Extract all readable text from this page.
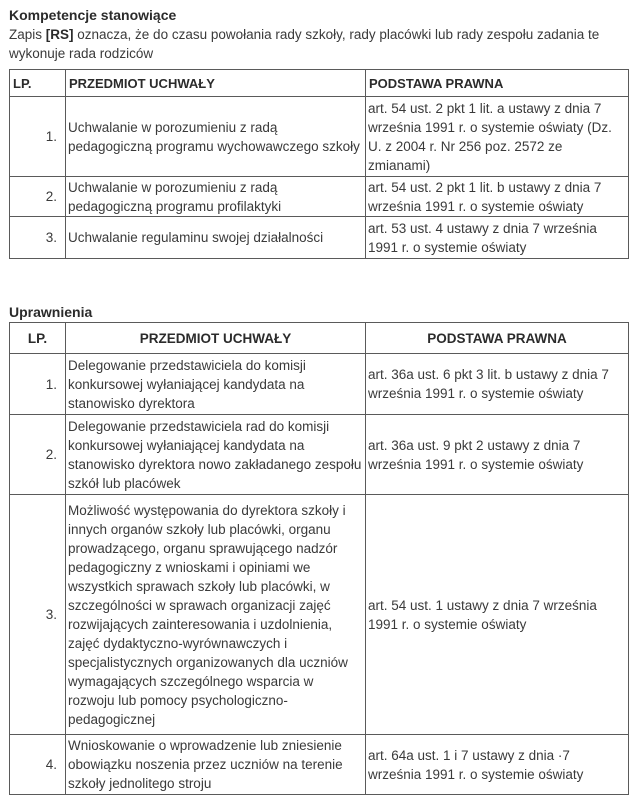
Kompetencje stanowiące

Zapis [RS] oznacza, że do czasu powołania rady szkoły, rady placówki lub rady zespołu zadania te wykonuje rada rodziców

LP.	PRZEDMIOT UCHWAŁY	PODSTAWA PRAWNA
1.	Uchwalanie w porozumieniu z radą pedagogiczną programu wychowawczego szkoły	art. 54 ust. 2 pkt 1 lit. a ustawy z dnia 7 września 1991 r. o systemie oświaty (Dz. U. z 2004 r. Nr 256 poz. 2572 ze zmianami)
2.	Uchwalanie w porozumieniu z radą pedagogiczną programu profilaktyki	art. 54 ust. 2 pkt 1 lit. b ustawy z dnia 7 września 1991 r. o systemie oświaty
3.	Uchwalanie regulaminu swojej działalności	art. 53 ust. 4 ustawy z dnia 7 września 1991 r. o systemie oświaty

Uprawnienia

LP.	PRZEDMIOT UCHWAŁY	PODSTAWA PRAWNA
1.	Delegowanie przedstawiciela do komisji konkursowej wyłaniającej kandydata na stanowisko dyrektora	art. 36a ust. 6 pkt 3 lit. b ustawy z dnia 7 września 1991 r. o systemie oświaty
2.	Delegowanie przedstawiciela rad do komisji konkursowej wyłaniającej kandydata na stanowisko dyrektora nowo zakładanego zespołu szkół lub placówek	art. 36a ust. 9 pkt 2 ustawy z dnia 7 września 1991 r. o systemie oświaty
3.	Możliwość występowania do dyrektora szkoły i innych organów szkoły lub placówki, organu prowadzącego, organu sprawującego nadzór pedagogiczny z wnioskami i opiniami we wszystkich sprawach szkoły lub placówki, w szczególności w sprawach organizacji zajęć rozwijających zainteresowania i uzdolnienia, zajęć dydaktyczno-wyrównawczych i specjalistycznych organizowanych dla uczniów wymagających szczególnego wsparcia w rozwoju lub pomocy psychologiczno-pedagogicznej	art. 54 ust. 1 ustawy z dnia 7 września 1991 r. o systemie oświaty
4.	Wnioskowanie o wprowadzenie lub zniesienie obowiązku noszenia przez uczniów na terenie szkoły jednolitego stroju	art. 64a ust. 1 i 7 ustawy z dnia ·7 września 1991 r. o systemie oświaty
